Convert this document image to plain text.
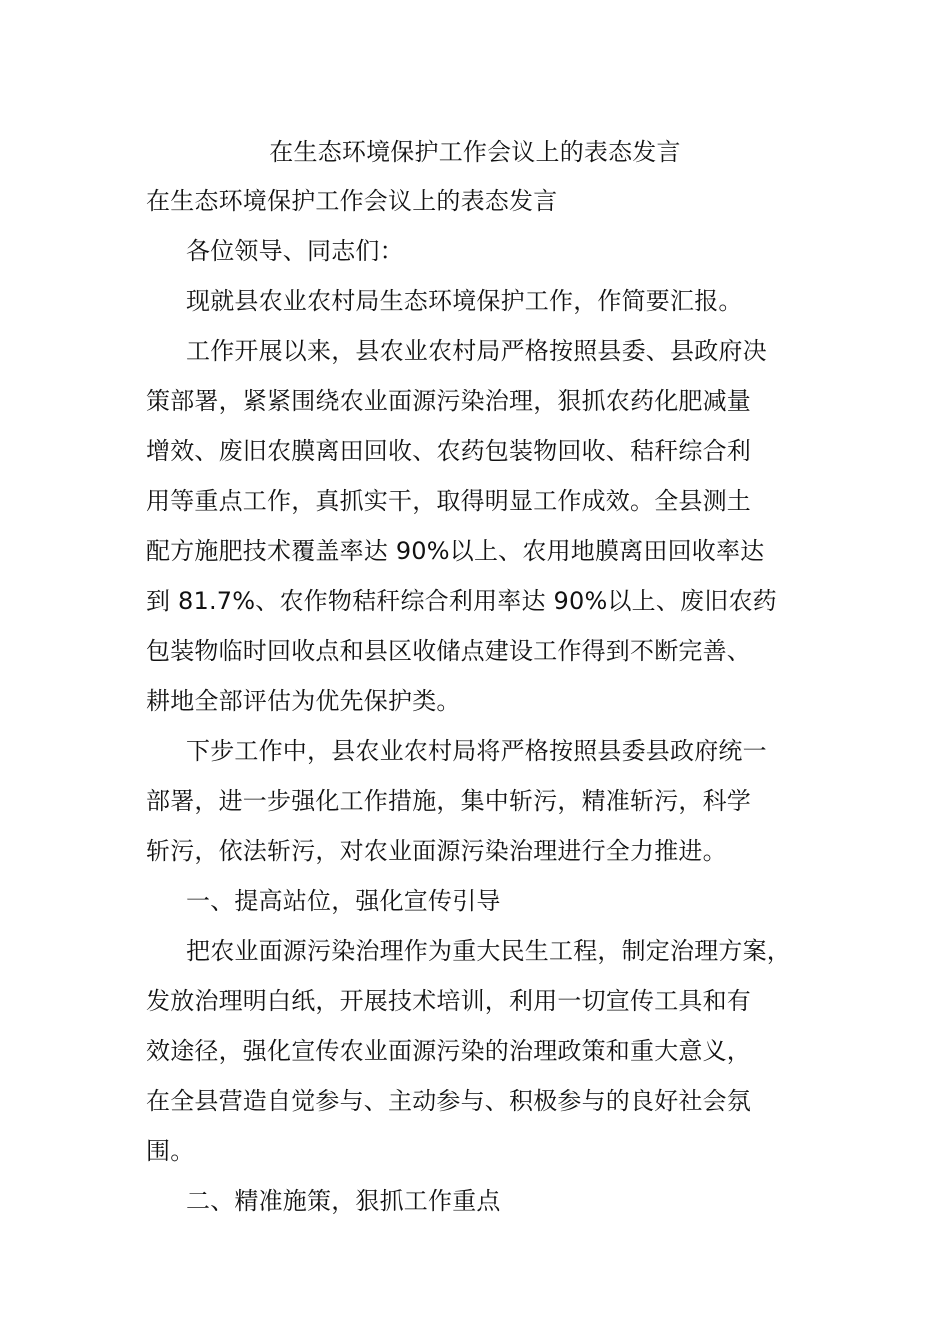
在生态环境保护工作会议上的表态发言
在生态环境保护工作会议上的表态发言
各位领导、同志们：
现就县农业农村局生态环境保护工作，作简要汇报。
工作开展以来，县农业农村局严格按照县委、县政府决
策部署，紧紧围绕农业面源污染治理，狠抓农药化肥减量
增效、废旧农膜离田回收、农药包装物回收、秸秆综合利
用等重点工作，真抓实干，取得明显工作成效。全县测土
配方施肥技术覆盖率达 90%以上、农用地膜离田回收率达
到 81.7%、农作物秸秆综合利用率达 90%以上、废旧农药
包装物临时回收点和县区收储点建设工作得到不断完善、
耕地全部评估为优先保护类。
下步工作中，县农业农村局将严格按照县委县政府统一
部署，进一步强化工作措施，集中斩污，精准斩污，科学
斩污，依法斩污，对农业面源污染治理进行全力推进。
一、提高站位，强化宣传引导
把农业面源污染治理作为重大民生工程，制定治理方案，
发放治理明白纸，开展技术培训，利用一切宣传工具和有
效途径，强化宣传农业面源污染的治理政策和重大意义，
在全县营造自觉参与、主动参与、积极参与的良好社会氛
围。
二、精准施策，狠抓工作重点
